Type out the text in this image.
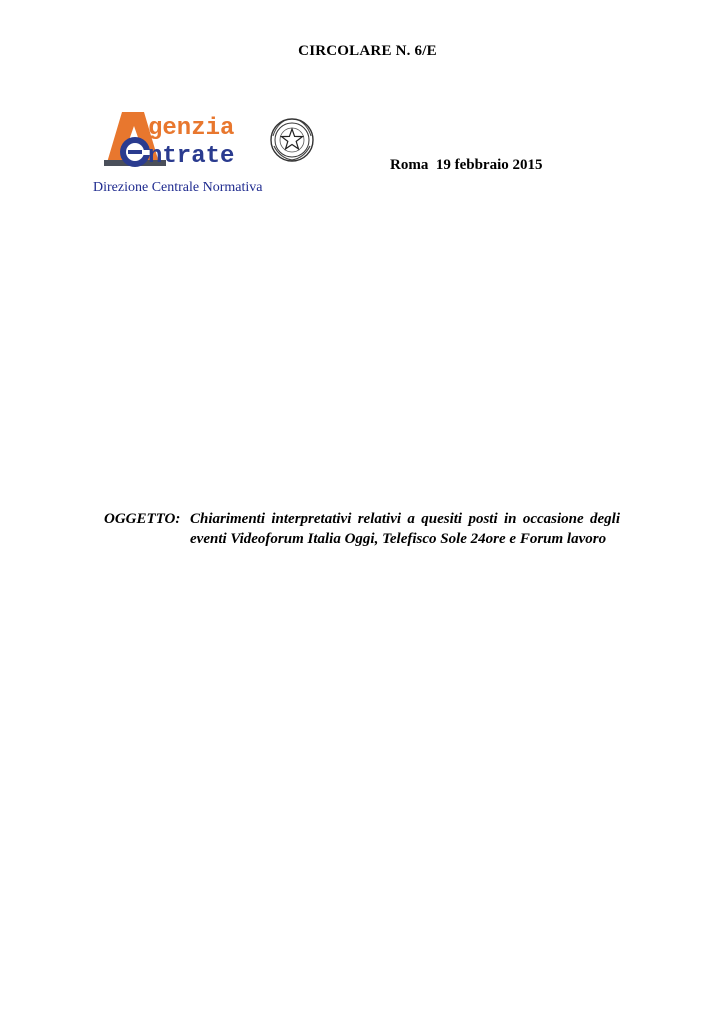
CIRCOLARE N. 6/E
genzia
ntrate
Direzione Centrale Normativa
Roma  19 febbraio 2015
OGGETTO: Chiarimenti interpretativi relativi a quesiti posti in occasione degli eventi Videoforum Italia Oggi, Telefisco Sole 24ore e Forum lavoro
